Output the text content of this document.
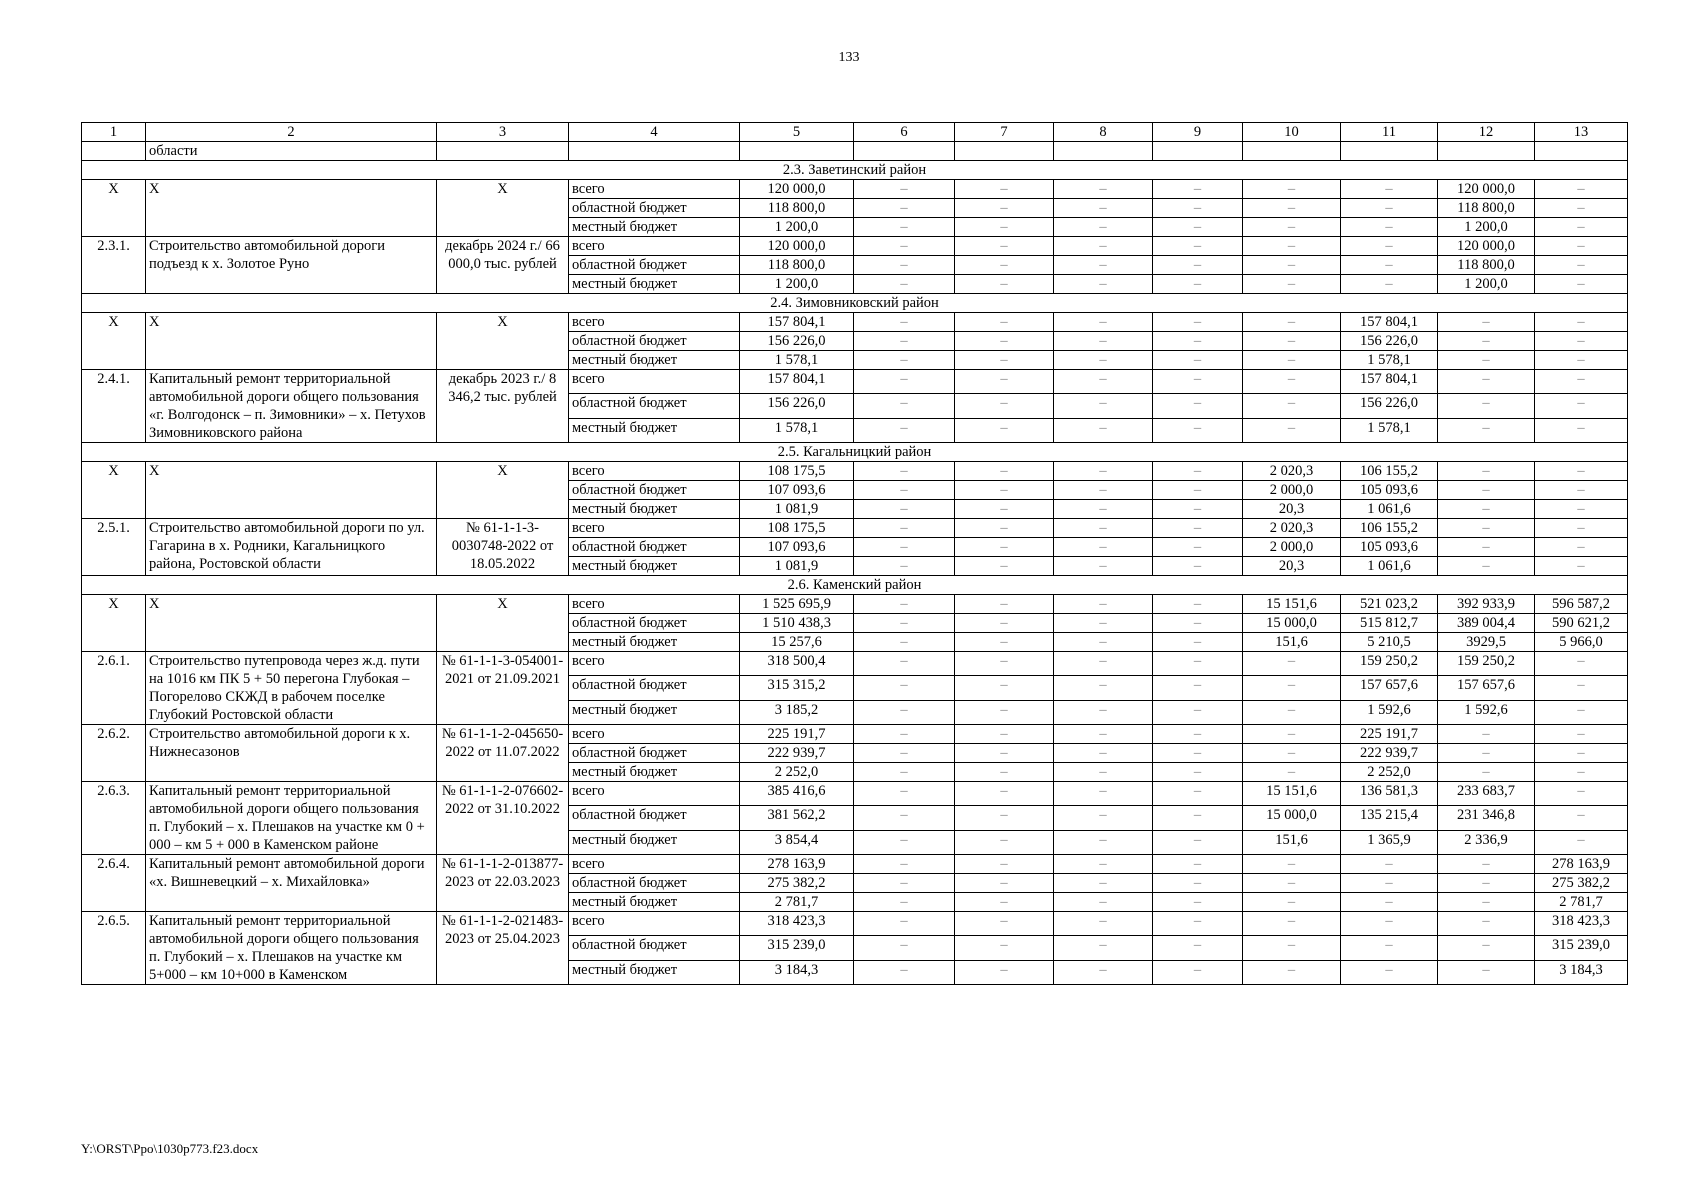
133
1	2	3	4	5	6	7	8	9	10	11	12	13
	области											
2.3. Заветинский район												
X	X	X	всего	120 000,0	–	–	–	–	–	–	120 000,0	–
			областной бюджет	118 800,0	–	–	–	–	–	–	118 800,0	–
			местный бюджет	1 200,0	–	–	–	–	–	–	1 200,0	–
2.3.1.	Строительство автомобильной дороги подъезд к х. Золотое Руно	декабрь 2024 г./ 66 000,0 тыс. рублей	всего	120 000,0	–	–	–	–	–	–	120 000,0	–
			областной бюджет	118 800,0	–	–	–	–	–	–	118 800,0	–
			местный бюджет	1 200,0	–	–	–	–	–	–	1 200,0	–
2.4. Зимовниковский район												
X	X	X	всего	157 804,1	–	–	–	–	–	157 804,1	–	–
			областной бюджет	156 226,0	–	–	–	–	–	156 226,0	–	–
			местный бюджет	1 578,1	–	–	–	–	–	1 578,1	–	–
2.4.1.	Капитальный ремонт территориальной автомобильной дороги общего пользования «г. Волгодонск – п. Зимовники» – х. Петухов Зимовниковского района	декабрь 2023 г./ 8 346,2 тыс. рублей	всего	157 804,1	–	–	–	–	–	157 804,1	–	–
			областной бюджет	156 226,0	–	–	–	–	–	156 226,0	–	–
			местный бюджет	1 578,1	–	–	–	–	–	1 578,1	–	–
2.5. Кагальницкий район												
X	X	X	всего	108 175,5	–	–	–	–	2 020,3	106 155,2	–	–
			областной бюджет	107 093,6	–	–	–	–	2 000,0	105 093,6	–	–
			местный бюджет	1 081,9	–	–	–	–	20,3	1 061,6	–	–
2.5.1.	Строительство автомобильной дороги по ул. Гагарина в х. Родники, Кагальницкого района, Ростовской области	№ 61-1-1-3-0030748-2022 от 18.05.2022	всего	108 175,5	–	–	–	–	2 020,3	106 155,2	–	–
			областной бюджет	107 093,6	–	–	–	–	2 000,0	105 093,6	–	–
			местный бюджет	1 081,9	–	–	–	–	20,3	1 061,6	–	–
2.6. Каменский район												
X	X	X	всего	1 525 695,9	–	–	–	–	15 151,6	521 023,2	392 933,9	596 587,2
			областной бюджет	1 510 438,3	–	–	–	–	15 000,0	515 812,7	389 004,4	590 621,2
			местный бюджет	15 257,6	–	–	–	–	151,6	5 210,5	3929,5	5 966,0
2.6.1.	Строительство путепровода через ж.д. пути на 1016 км ПК 5 + 50 перегона Глубокая – Погорелово СКЖД в рабочем поселке Глубокий Ростовской области	№ 61-1-1-3-054001-2021 от 21.09.2021	всего	318 500,4	–	–	–	–	–	159 250,2	159 250,2	–
			областной бюджет	315 315,2	–	–	–	–	–	157 657,6	157 657,6	–
			местный бюджет	3 185,2	–	–	–	–	–	1 592,6	1 592,6	–
2.6.2.	Строительство автомобильной дороги к х. Нижнесазонов	№ 61-1-1-2-045650-2022 от 11.07.2022	всего	225 191,7	–	–	–	–	–	225 191,7	–	–
			областной бюджет	222 939,7	–	–	–	–	–	222 939,7	–	–
			местный бюджет	2 252,0	–	–	–	–	–	2 252,0	–	–
2.6.3.	Капитальный ремонт территориальной автомобильной дороги общего пользования п. Глубокий – х. Плешаков на участке км 0 + 000 – км 5 + 000 в Каменском районе	№ 61-1-1-2-076602-2022 от 31.10.2022	всего	385 416,6	–	–	–	–	15 151,6	136 581,3	233 683,7	–
			областной бюджет	381 562,2	–	–	–	–	15 000,0	135 215,4	231 346,8	–
			местный бюджет	3 854,4	–	–	–	–	151,6	1 365,9	2 336,9	–
2.6.4.	Капитальный ремонт автомобильной дороги «х. Вишневецкий – х. Михайловка»	№ 61-1-1-2-013877-2023 от 22.03.2023	всего	278 163,9	–	–	–	–	–	–	–	278 163,9
			областной бюджет	275 382,2	–	–	–	–	–	–	–	275 382,2
			местный бюджет	2 781,7	–	–	–	–	–	–	–	2 781,7
2.6.5.	Капитальный ремонт территориальной автомобильной дороги общего пользования п. Глубокий – х. Плешаков на участке км 5+000 – км 10+000 в Каменском	№ 61-1-1-2-021483-2023 от 25.04.2023	всего	318 423,3	–	–	–	–	–	–	–	318 423,3
			областной бюджет	315 239,0	–	–	–	–	–	–	–	315 239,0
			местный бюджет	3 184,3	–	–	–	–	–	–	–	3 184,3
Y:\ORST\Ppo\1030p773.f23.docx
